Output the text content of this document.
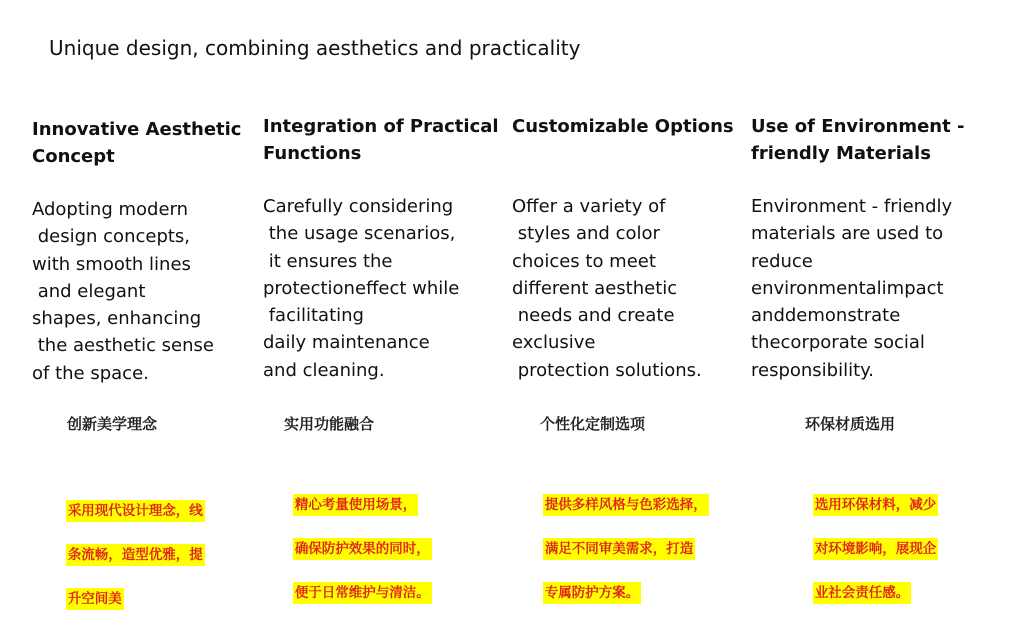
Unique design, combining aesthetics and practicality
Innovative Aesthetic
Concept
Adopting modern
design concepts,
with smooth lines
and elegant
shapes, enhancing
the aesthetic sense
of the space.
创新美学理念

采用现代设计理念，线

条流畅，造型优雅，提

升空间美

Integration of Practical
Functions
Carefully considering
the usage scenarios,
it ensures the
protectioneffect while
facilitating
daily maintenance
and cleaning.
实用功能融合

精心考量使用场景，

确保防护效果的同时，

便于日常维护与清洁。

Customizable Options
Offer a variety of
styles and color
choices to meet
different aesthetic
needs and create
exclusive
protection solutions.
个性化定制选项

提供多样风格与色彩选择，

满足不同审美需求，打造

专属防护方案。

Use of Environment -
friendly Materials
Environment - friendly
materials are used to
reduce
environmentalimpact
anddemonstrate
thecorporate social
responsibility.
环保材质选用

选用环保材料，减少

对环境影响，展现企

业社会责任感。
